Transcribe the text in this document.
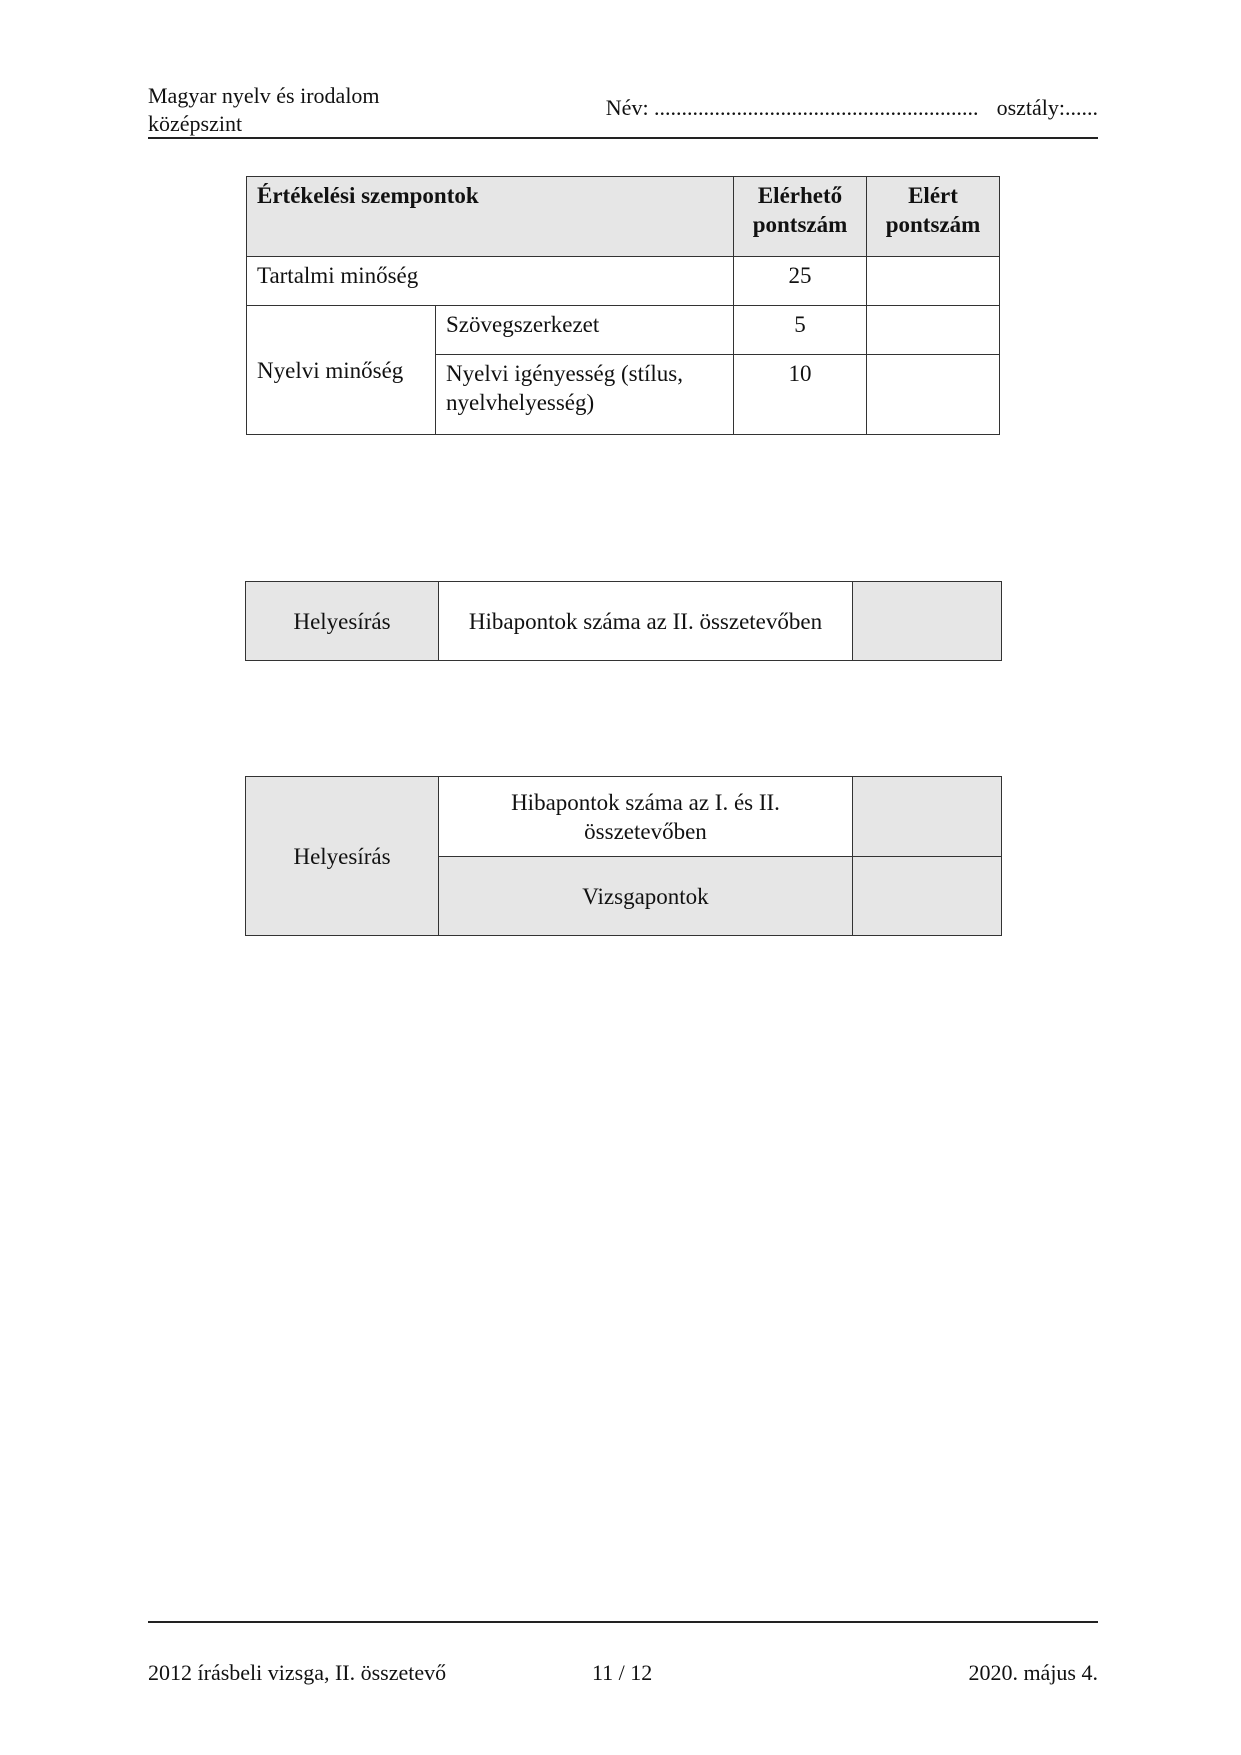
Magyar nyelv és irodalom
középszint
Név: ........................................................... osztály:......
Értékelési szempontok		Elérhető pontszám	Elért pontszám
Tartalmi minőség		25	
Nyelvi minőség	Szövegszerkezet	5	
	Nyelvi igényesség (stílus, nyelvhelyesség)	10	
Helyesírás	Hibapontok száma az II. összetevőben	
Helyesírás	Hibapontok száma az I. és II. összetevőben	
	Vizsgapontok	
2012 írásbeli vizsga, II. összetevő	11 / 12	2020. május 4.
